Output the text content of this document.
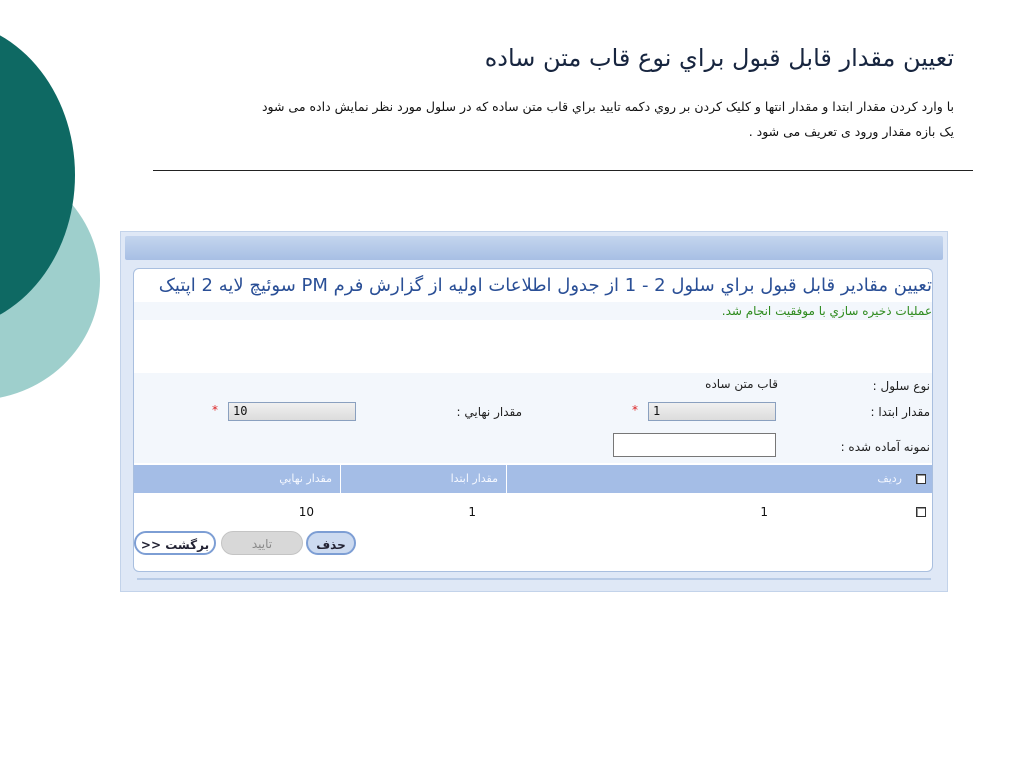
تعيين مقدار قابل قبول براي نوع قاب متن ساده
با وارد کردن مقدار ابتدا و مقدار انتها و کلیک کردن بر روي دکمه تایید براي قاب متن ساده که در سلول مورد نظر نمایش داده می شود
یک بازه مقدار ورود ی تعریف می شود .
تعیین مقادیر قابل قبول براي سلول 2 - 1 از جدول اطلاعات اولیه از گزارش فرم PM سوئیچ لایه 2 اپتیک
عملیات ذخیره سازي با موفقیت انجام شد.
نوع سلول :
قاب متن ساده
مقدار ابتدا :
1
*
مقدار نهايي :
10
*
نمونه آماده شده :
ردیف
مقدار ابتدا
مقدار نهايي
1
1
10
برگشت <<	تایید	حذف
